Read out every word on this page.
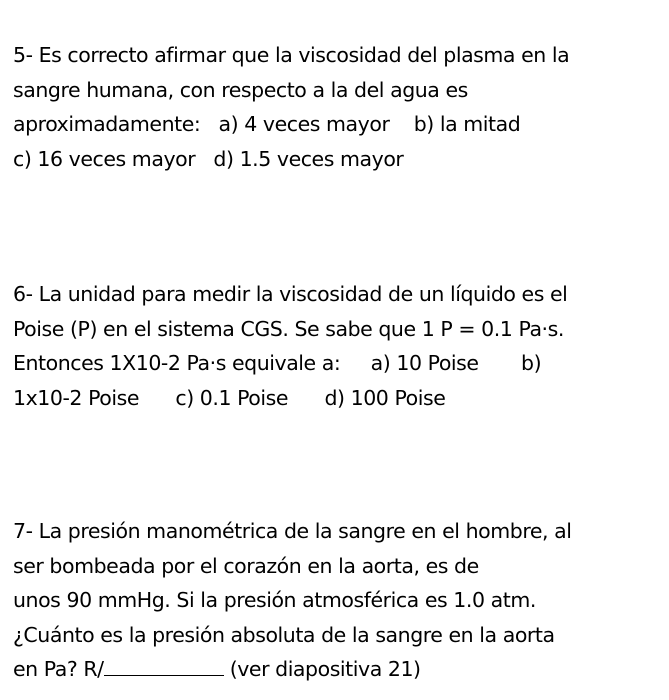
5- Es correcto afirmar que la viscosidad del plasma en la
sangre humana, con respecto a la del agua es
aproximadamente:   a) 4 veces mayor    b) la mitad
c) 16 veces mayor   d) 1.5 veces mayor
6- La unidad para medir la viscosidad de un líquido es el
Poise (P) en el sistema CGS. Se sabe que 1 P = 0.1 Pa·s.
Entonces 1X10-2 Pa·s equivale a:     a) 10 Poise       b)
1x10-2 Poise      c) 0.1 Poise      d) 100 Poise
7- La presión manométrica de la sangre en el hombre, al
ser bombeada por el corazón en la aorta, es de
unos 90 mmHg. Si la presión atmosférica es 1.0 atm.
¿Cuánto es la presión absoluta de la sangre en la aorta
en Pa? R/	(ver diapositiva 21)
